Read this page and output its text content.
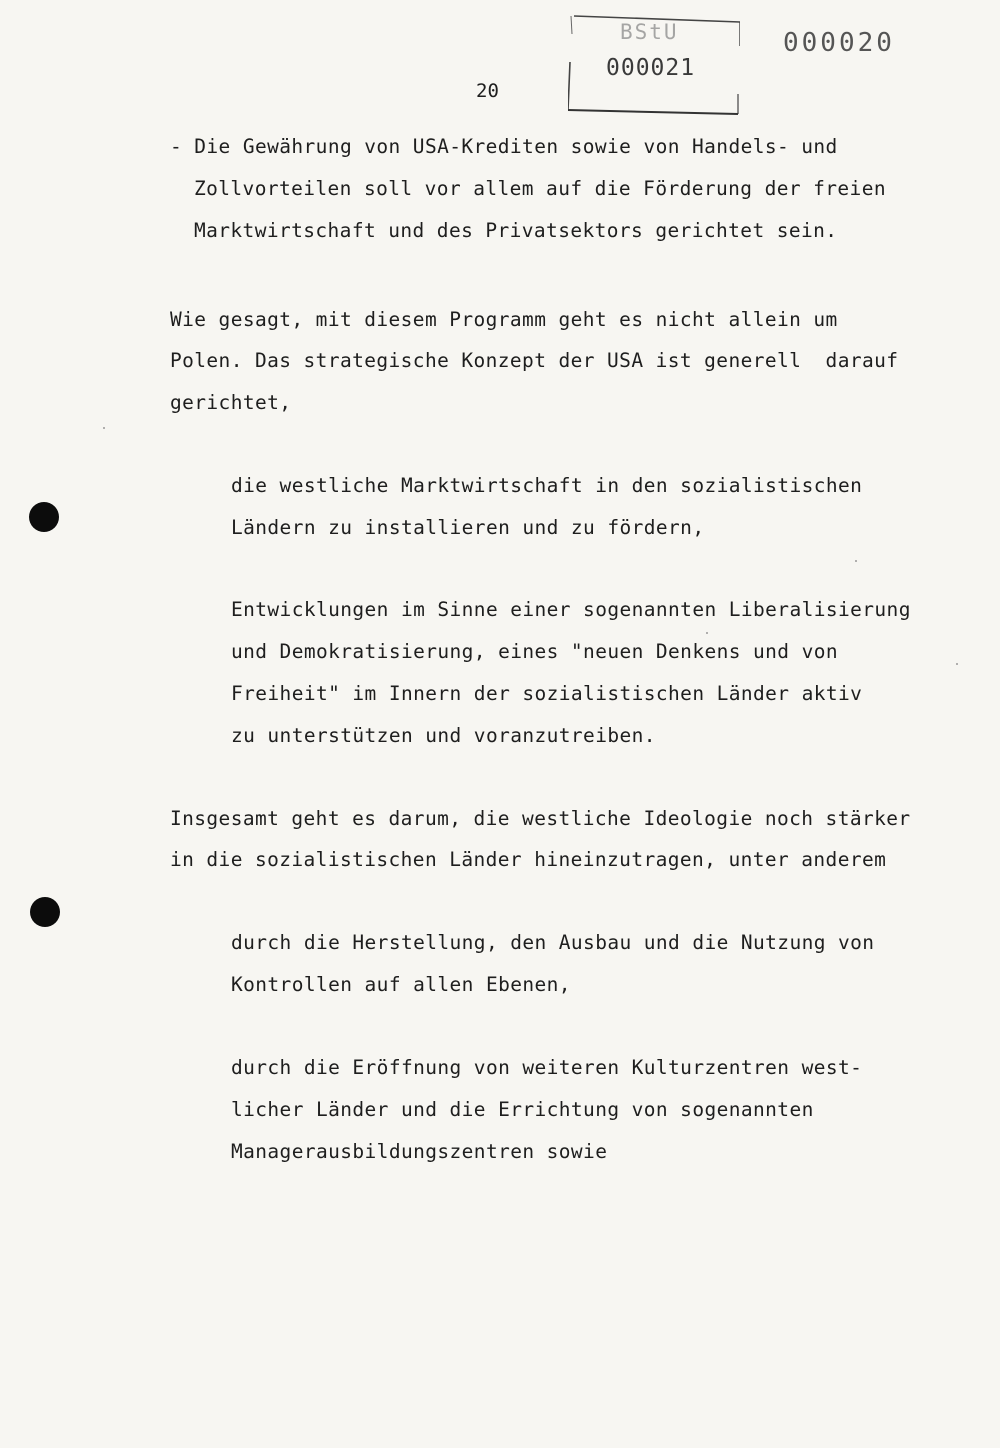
BStU
000021
000020
20
- Die Gewährung von USA-Krediten sowie von Handels- und
Zollvorteilen soll vor allem auf die Förderung der freien
Marktwirtschaft und des Privatsektors gerichtet sein.
Wie gesagt, mit diesem Programm geht es nicht allein um
Polen. Das strategische Konzept der USA ist generell  darauf
gerichtet,
die westliche Marktwirtschaft in den sozialistischen
Ländern zu installieren und zu fördern,
Entwicklungen im Sinne einer sogenannten Liberalisierung
und Demokratisierung, eines "neuen Denkens und von
Freiheit" im Innern der sozialistischen Länder aktiv
zu unterstützen und voranzutreiben.
Insgesamt geht es darum, die westliche Ideologie noch stärker
in die sozialistischen Länder hineinzutragen, unter anderem
durch die Herstellung, den Ausbau und die Nutzung von
Kontrollen auf allen Ebenen,
durch die Eröffnung von weiteren Kulturzentren west-
licher Länder und die Errichtung von sogenannten
Managerausbildungszentren sowie
